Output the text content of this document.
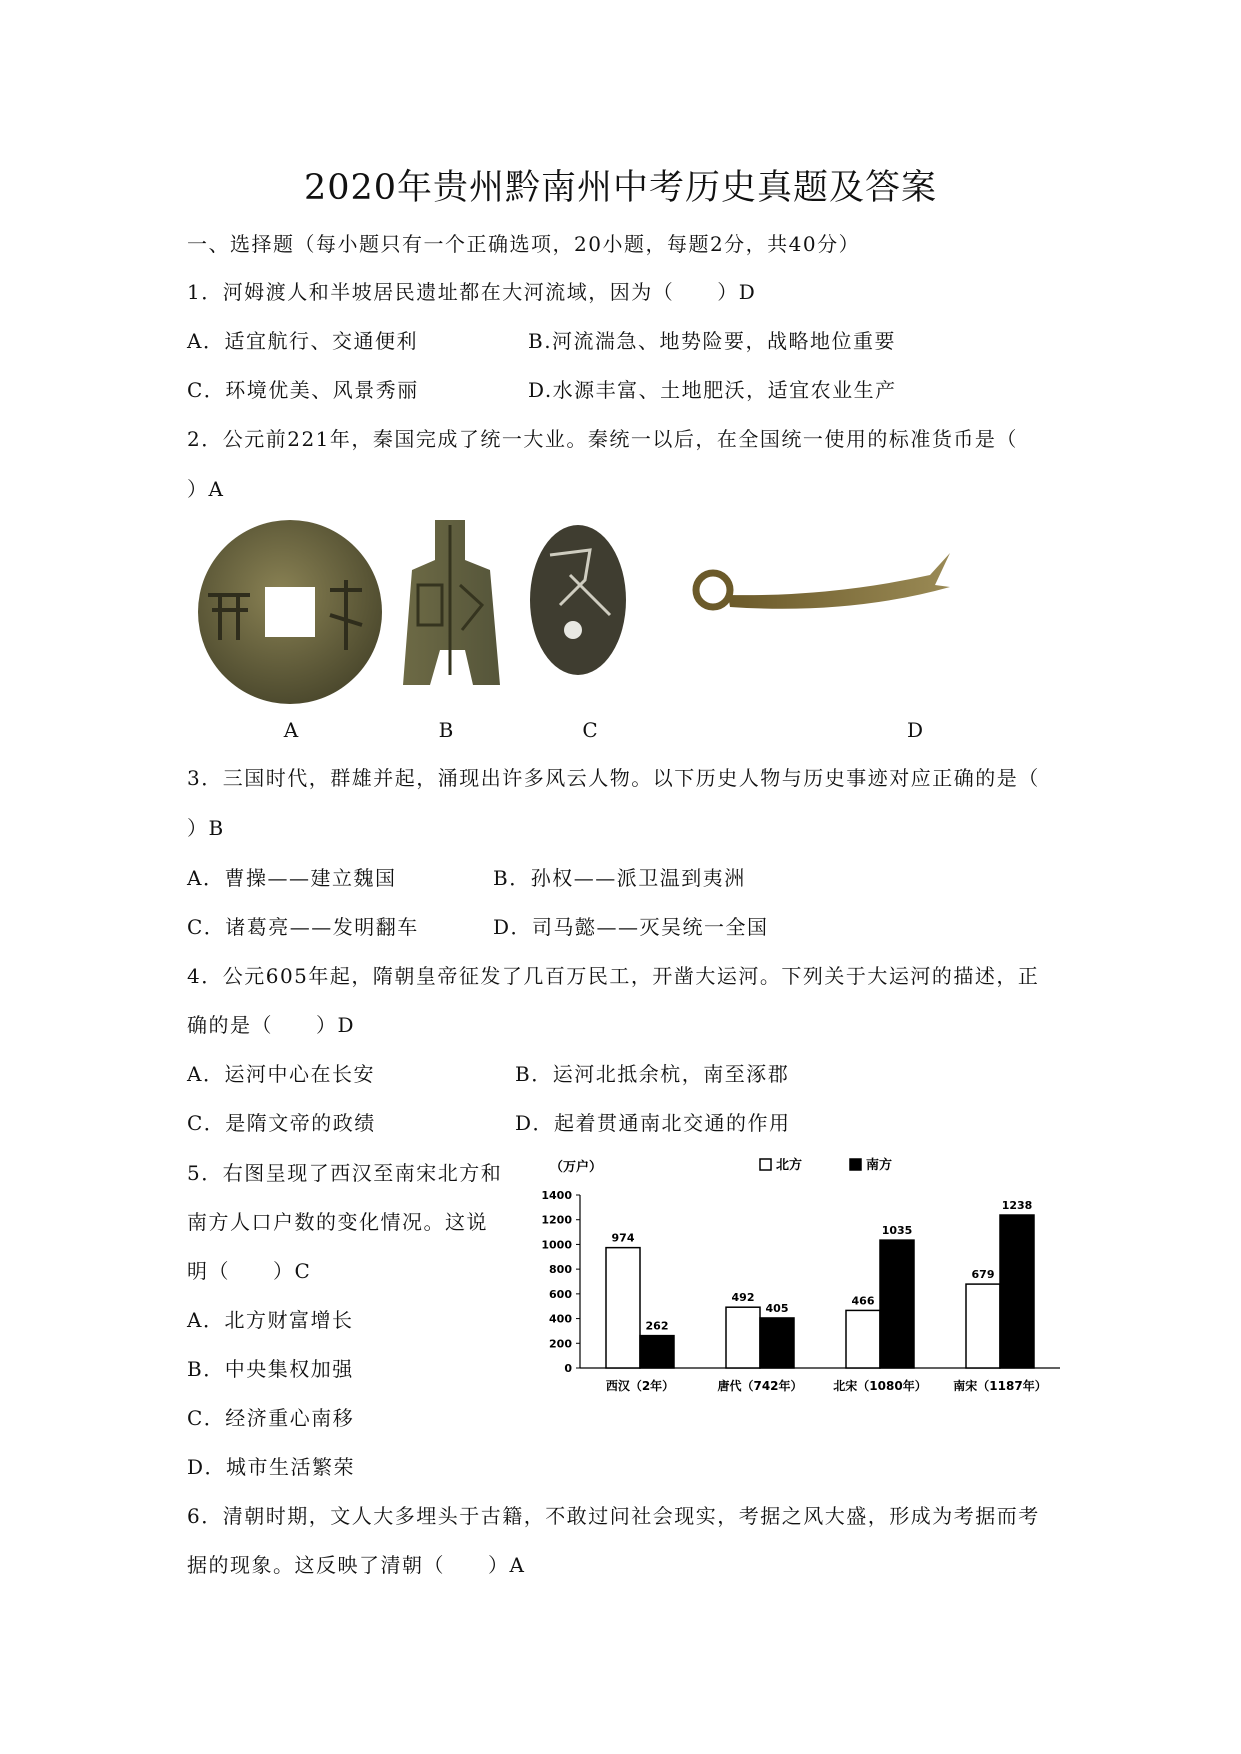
2020年贵州黔南州中考历史真题及答案
一、选择题（每小题只有一个正确选项，20小题，每题2分，共40分）
1．河姆渡人和半坡居民遗址都在大河流域，因为（　　）D
A．适宜航行、交通便利	B.河流湍急、地势险要，战略地位重要
C．环境优美、风景秀丽	D.水源丰富、土地肥沃，适宜农业生产
2．公元前221年，秦国完成了统一大业。秦统一以后，在全国统一使用的标准货币是（
）A
A	B	C	D
3．三国时代，群雄并起，涌现出许多风云人物。以下历史人物与历史事迹对应正确的是（
）B
A．曹操——建立魏国	B．孙权——派卫温到夷洲
C．诸葛亮——发明翻车	D．司马懿——灭吴统一全国
4．公元605年起，隋朝皇帝征发了几百万民工，开凿大运河。下列关于大运河的描述，正
确的是（　　）D
A．运河中心在长安	B．运河北抵余杭，南至涿郡
C．是隋文帝的政绩	D．起着贯通南北交通的作用
5．右图呈现了西汉至南宋北方和
南方人口户数的变化情况。这说
明（　　）C
A．北方财富增长
B．中央集权加强
C．经济重心南移
D．城市生活繁荣
（万户）	北方	南方
0
200
400
600
800
1000
1200
1400
974
262
西汉（2年）
492
405
唐代（742年）
466
1035
北宋（1080年）
679
1238
南宋（1187年）
6．清朝时期，文人大多埋头于古籍，不敢过问社会现实，考据之风大盛，形成为考据而考
据的现象。这反映了清朝（　　）A
